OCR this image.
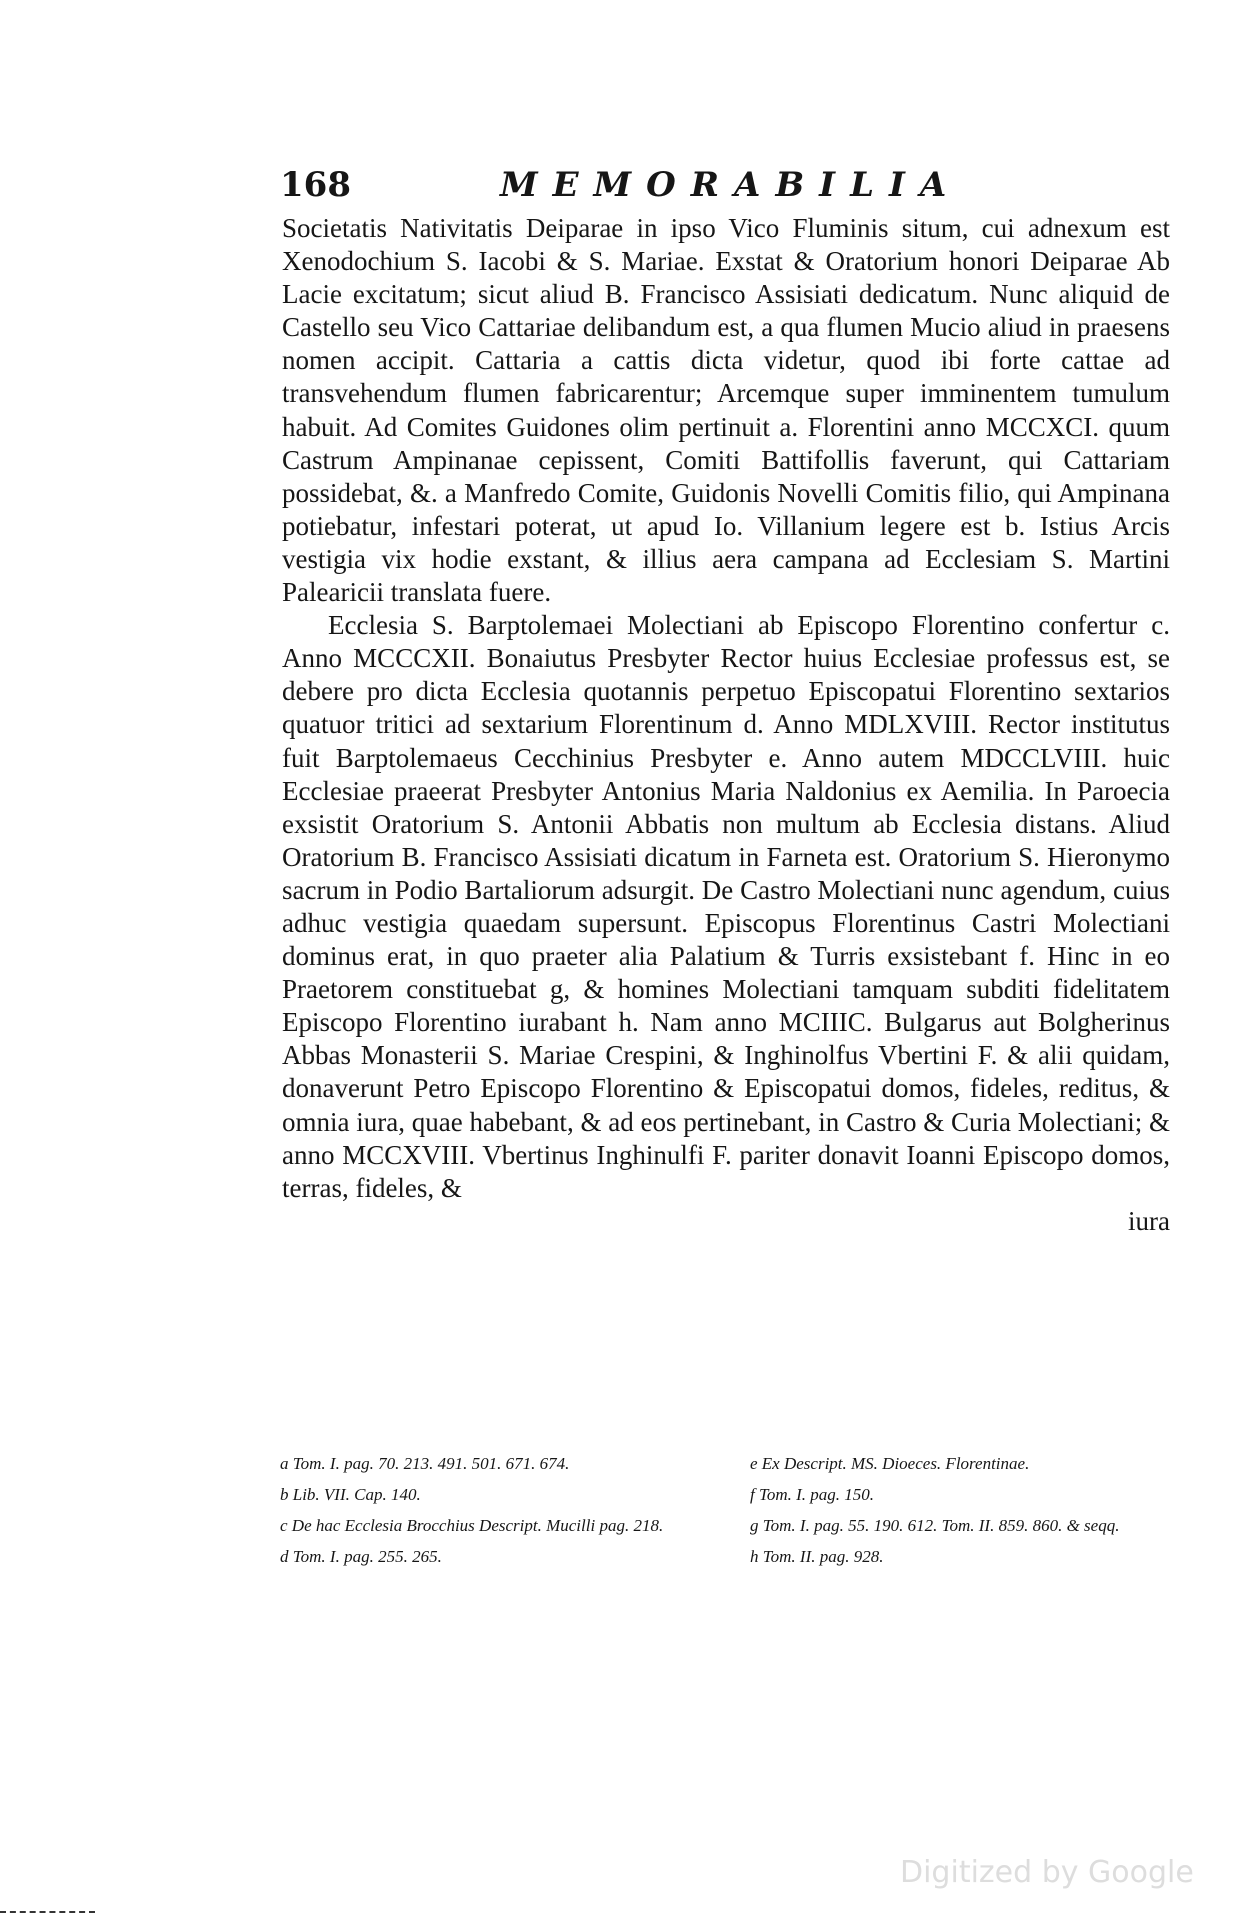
168	MEMORABILIA

Societatis Nativitatis Deiparae in ipso Vico Fluminis situm, cui adnexum est Xenodochium S. Iacobi & S. Mariae. Exstat & Oratorium honori Deiparae Ab Lacie excitatum; sicut aliud B. Francisco Assisiati dedicatum. Nunc aliquid de Castello seu Vico Cattariae delibandum est, a qua flumen Mucio aliud in praesens nomen accipit. Cattaria a cattis dicta videtur, quod ibi forte cattae ad transvehendum flumen fabricarentur; Arcemque super imminentem tumulum habuit. Ad Comites Guidones olim pertinuit a. Florentini anno MCCXCI. quum Castrum Ampinanae cepissent, Comiti Battifollis faverunt, qui Cattariam possidebat, &. a Manfredo Comite, Guidonis Novelli Comitis filio, qui Ampinana potiebatur, infestari poterat, ut apud Io. Villanium legere est b. Istius Arcis vestigia vix hodie exstant, & illius aera campana ad Ecclesiam S. Martini Palearicii translata fuere.

Ecclesia S. Barptolemaei Molectiani ab Episcopo Florentino confertur c. Anno MCCCXII. Bonaiutus Presbyter Rector huius Ecclesiae professus est, se debere pro dicta Ecclesia quotannis perpetuo Episcopatui Florentino sextarios quatuor tritici ad sextarium Florentinum d. Anno MDLXVIII. Rector institutus fuit Barptolemaeus Cecchinius Presbyter e. Anno autem MDCCLVIII. huic Ecclesiae praeerat Presbyter Antonius Maria Naldonius ex Aemilia. In Paroecia exsistit Oratorium S. Antonii Abbatis non multum ab Ecclesia distans. Aliud Oratorium B. Francisco Assisiati dicatum in Farneta est. Oratorium S. Hieronymo sacrum in Podio Bartaliorum adsurgit. De Castro Molectiani nunc agendum, cuius adhuc vestigia quaedam supersunt. Episcopus Florentinus Castri Molectiani dominus erat, in quo praeter alia Palatium & Turris exsistebant f. Hinc in eo Praetorem constituebat g, & homines Molectiani tamquam subditi fidelitatem Episcopo Florentino iurabant h. Nam anno MCIIIC. Bulgarus aut Bolgherinus Abbas Monasterii S. Mariae Crespini, & Inghinolfus Vbertini F. & alii quidam, donaverunt Petro Episcopo Florentino & Episcopatui domos, fideles, reditus, & omnia iura, quae habebant, & ad eos pertinebant, in Castro & Curia Molectiani; & anno MCCXVIII. Vbertinus Inghinulfi F. pariter donavit Ioanni Episcopo domos, terras, fideles, &

iura

a Tom. I. pag. 70. 213. 491. 501. 671. 674.

b Lib. VII. Cap. 140.

c De hac Ecclesia Brocchius Descript. Mucilli pag. 218.

d Tom. I. pag. 255. 265.

e Ex Descript. MS. Dioeces. Florentinae.

f Tom. I. pag. 150.

g Tom. I. pag. 55. 190. 612. Tom. II. 859. 860. & seqq.

h Tom. II. pag. 928.

Digitized by Google
